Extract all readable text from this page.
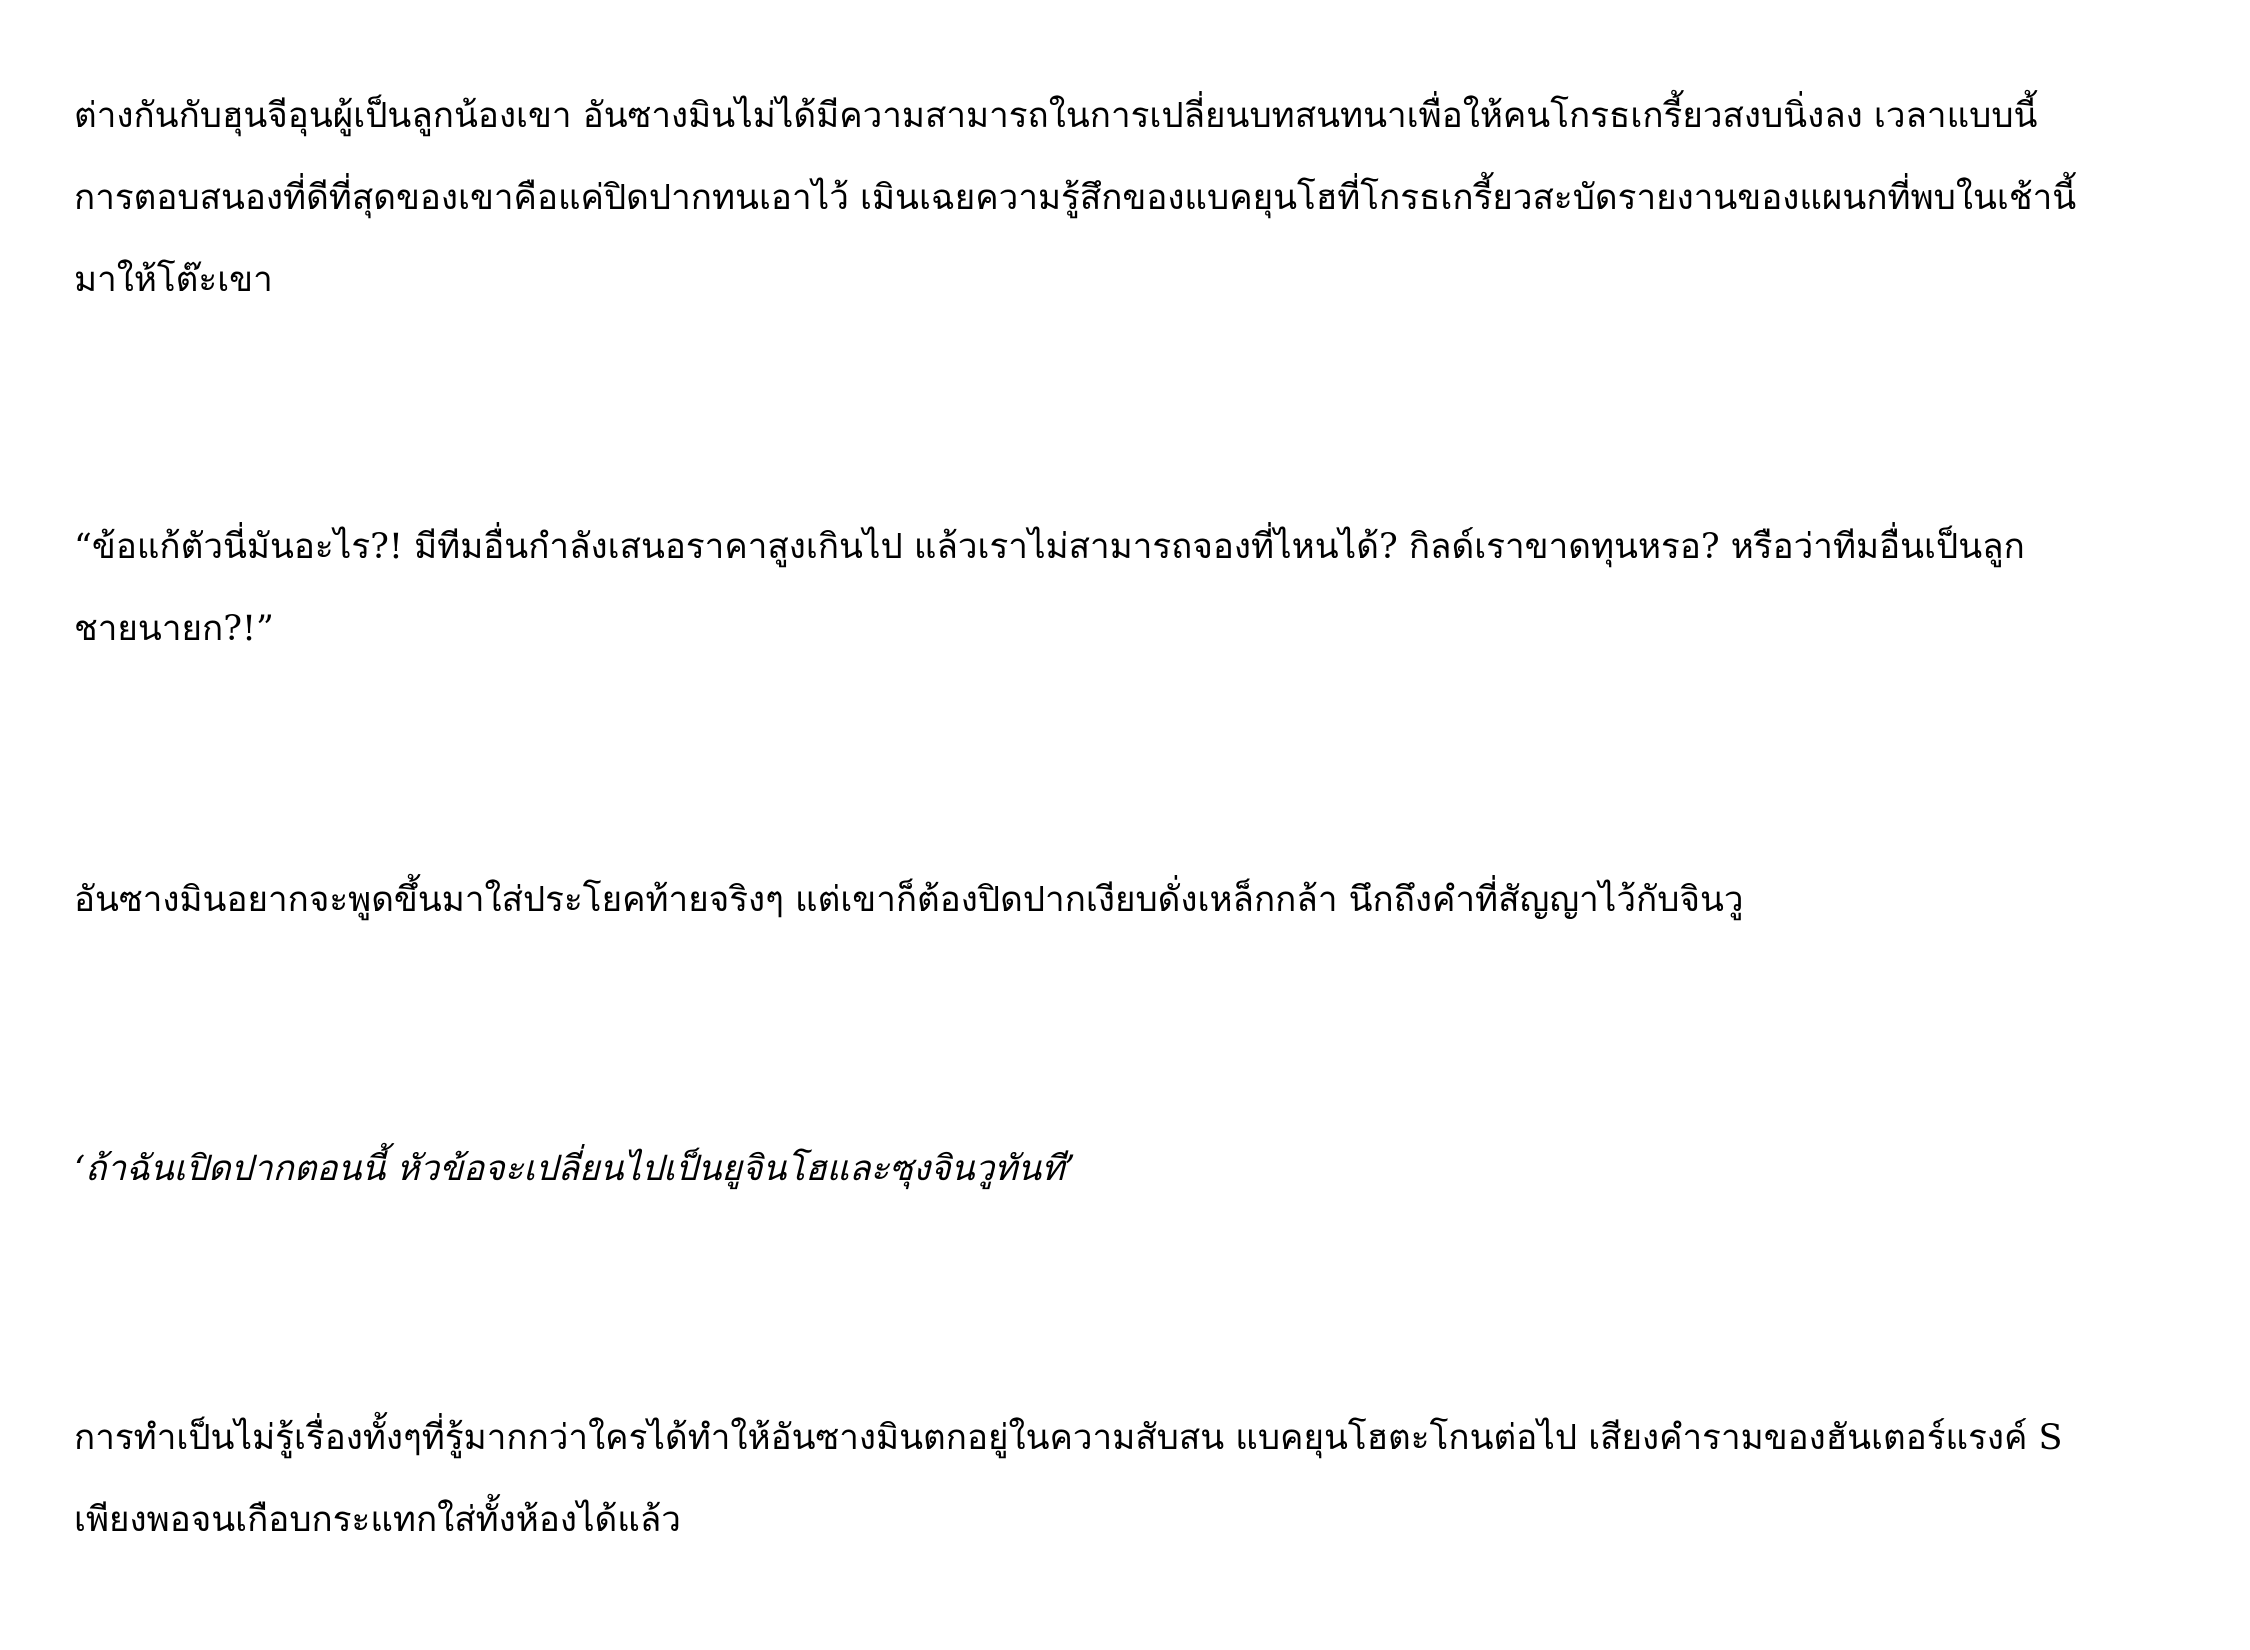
ต่างกันกับฮุนจีอุนผู้เป็นลูกน้องเขา อันซางมินไม่ได้มีความสามารถในการเปลี่ยนบทสนทนาเพื่อให้คนโกรธเกรี้ยวสงบนิ่งลง เวลาแบบนี้
การตอบสนองที่ดีที่สุดของเขาคือแค่ปิดปากทนเอาไว้ เมินเฉยความรู้สึกของแบคยุนโฮที่โกรธเกรี้ยวสะบัดรายงานของแผนกที่พบในเช้านี้
มาให้โต๊ะเขา

“ข้อแก้ตัวนี่มันอะไร?! มีทีมอื่นกำลังเสนอราคาสูงเกินไป แล้วเราไม่สามารถจองที่ไหนได้? กิลด์เราขาดทุนหรอ? หรือว่าทีมอื่นเป็นลูก
ชายนายก?!”

อันซางมินอยากจะพูดขึ้นมาใส่ประโยคท้ายจริงๆ แต่เขาก็ต้องปิดปากเงียบดั่งเหล็กกล้า นึกถึงคำที่สัญญาไว้กับจินวู

‘ถ้าฉันเปิดปากตอนนี้ หัวข้อจะเปลี่ยนไปเป็นยูจินโฮและซุงจินวูทันที’

การทำเป็นไม่รู้เรื่องทั้งๆที่รู้มากกว่าใครได้ทำให้อันซางมินตกอยู่ในความสับสน แบคยุนโฮตะโกนต่อไป เสียงคำรามของฮันเตอร์แรงค์ S
เพียงพอจนเกือบกระแทกใส่ทั้งห้องได้แล้ว
